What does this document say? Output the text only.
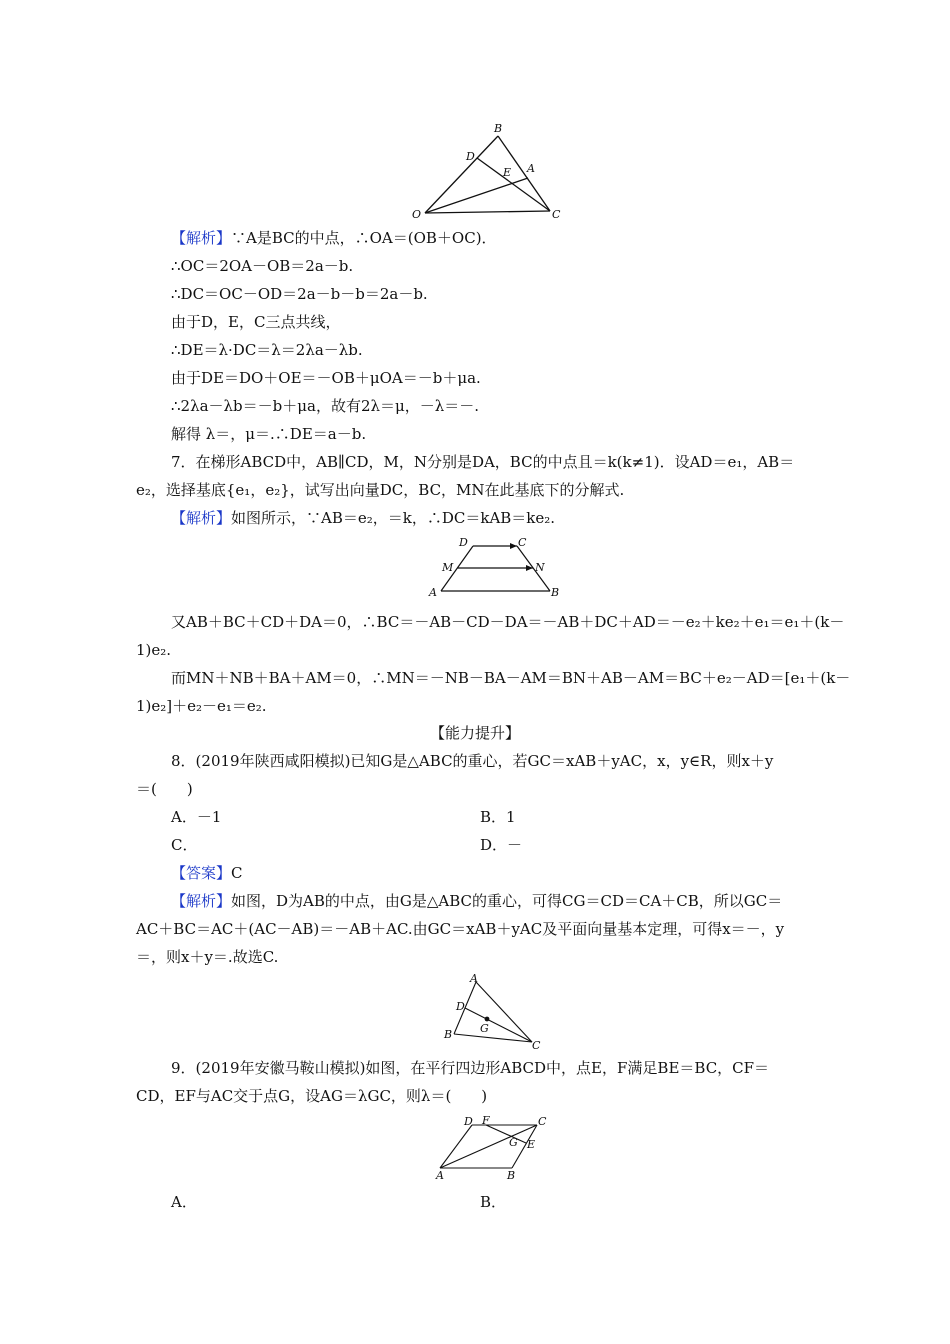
B
D
E A
O	C
【解析】∵A是BC的中点，∴OA＝(OB＋OC)．
∴OC＝2OA－OB＝2a－b.
∴DC＝OC－OD＝2a－b－b＝2a－b.
由于D，E，C三点共线，
∴DE＝λ·DC＝λ＝2λa－λb.
由于DE＝DO＋OE＝－OB＋μOA＝－b＋μa.
∴2λa－λb＝－b＋μa，故有2λ＝μ，－λ＝－.
解得 λ＝，μ＝.∴DE＝a－b.
7．在梯形ABCD中，AB∥CD，M，N分别是DA，BC的中点且＝k(k≠1)．设AD＝e₁，AB＝
e₂，选择基底{e₁，e₂}，试写出向量DC，BC，MN在此基底下的分解式.
【解析】如图所示，∵AB＝e₂，＝k，∴DC＝kAB＝ke₂.
D	C
M	N
A	B
又AB＋BC＋CD＋DA＝0，∴BC＝－AB－CD－DA＝－AB＋DC＋AD＝－e₂＋ke₂＋e₁＝e₁＋(k－
1)e₂.
而MN＋NB＋BA＋AM＝0，∴MN＝－NB－BA－AM＝BN＋AB－AM＝BC＋e₂－AD＝[e₁＋(k－
1)e₂]＋e₂－e₁＝e₂.
【能力提升】
8．(2019年陕西咸阳模拟)已知G是△ABC的重心，若GC＝xAB＋yAC，x，y∈R，则x＋y
＝(　　)
A．－1	B．1
C．	D．－
【答案】C
【解析】如图，D为AB的中点，由G是△ABC的重心，可得CG＝CD＝CA＋CB，所以GC＝
AC＋BC＝AC＋(AC－AB)＝－AB＋AC.由GC＝xAB＋yAC及平面向量基本定理，可得x＝－，y
＝，则x＋y＝.故选C.
A
D
G
B
C
9．(2019年安徽马鞍山模拟)如图，在平行四边形ABCD中，点E，F满足BE＝BC，CF＝
CD，EF与AC交于点G，设AG＝λGC，则λ＝(　　)
D F	C
G E
A	B
A．	B．
